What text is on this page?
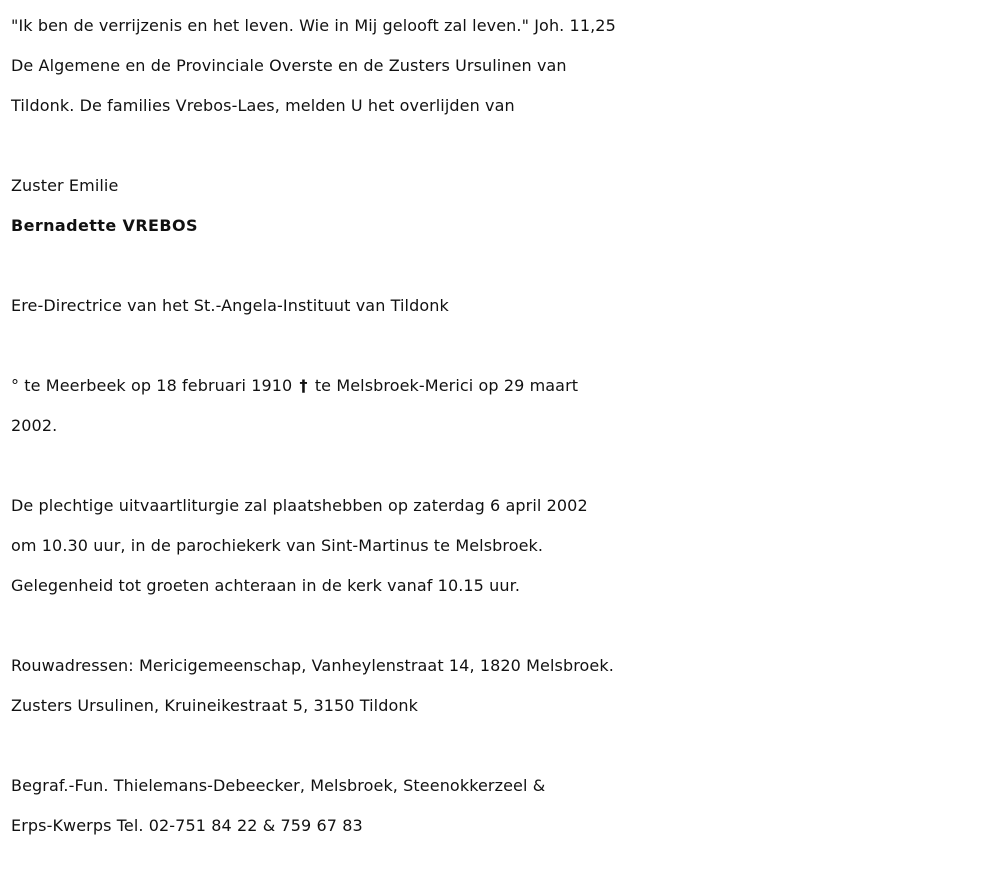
"Ik ben de verrijzenis en het leven. Wie in Mij gelooft zal leven." Joh. 11,25
De Algemene en de Provinciale Overste en de Zusters Ursulinen van
Tildonk. De families Vrebos-Laes, melden U het overlijden van
Zuster Emilie
Bernadette VREBOS
Ere-Directrice van het St.-Angela-Instituut van Tildonk
° te Meerbeek op 18 februari 1910 † te Melsbroek-Merici op 29 maart
2002.
De plechtige uitvaartliturgie zal plaatshebben op zaterdag 6 april 2002
om 10.30 uur, in de parochiekerk van Sint-Martinus te Melsbroek.
Gelegenheid tot groeten achteraan in de kerk vanaf 10.15 uur.
Rouwadressen: Mericigemeenschap, Vanheylenstraat 14, 1820 Melsbroek.
Zusters Ursulinen, Kruineikestraat 5, 3150 Tildonk
Begraf.-Fun. Thielemans-Debeecker, Melsbroek, Steenokkerzeel &
Erps-Kwerps Tel. 02-751 84 22 & 759 67 83
